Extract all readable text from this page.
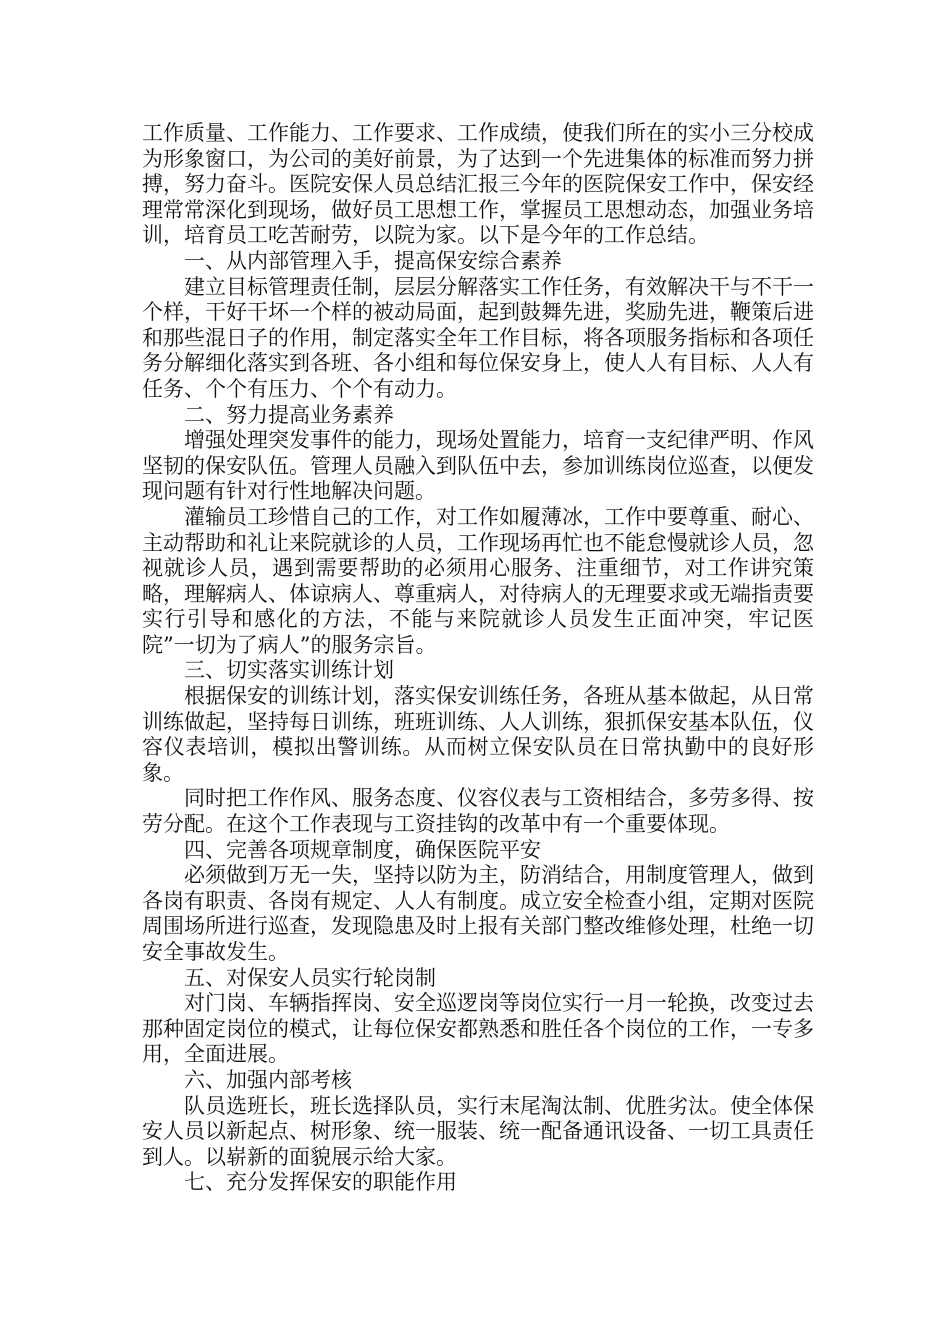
工作质量、工作能力、工作要求、工作成绩，使我们所在的实小三分校成为形象窗口，为公司的美好前景，为了达到一个先进集体的标准而努力拼搏，努力奋斗。医院安保人员总结汇报三今年的医院保安工作中，保安经理常常深化到现场，做好员工思想工作，掌握员工思想动态，加强业务培训，培育员工吃苦耐劳，以院为家。以下是今年的工作总结。

一、从内部管理入手，提高保安综合素养

建立目标管理责任制，层层分解落实工作任务，有效解决干与不干一个样，干好干坏一个样的被动局面，起到鼓舞先进，奖励先进，鞭策后进和那些混日子的作用，制定落实全年工作目标，将各项服务指标和各项任务分解细化落实到各班、各小组和每位保安身上，使人人有目标、人人有任务、个个有压力、个个有动力。

二、努力提高业务素养

增强处理突发事件的能力，现场处置能力，培育一支纪律严明、作风坚韧的保安队伍。管理人员融入到队伍中去，参加训练岗位巡查，以便发现问题有针对行性地解决问题。

灌输员工珍惜自己的工作，对工作如履薄冰，工作中要尊重、耐心、主动帮助和礼让来院就诊的人员，工作现场再忙也不能怠慢就诊人员，忽视就诊人员，遇到需要帮助的必须用心服务、注重细节，对工作讲究策略，理解病人、体谅病人、尊重病人，对待病人的无理要求或无端指责要实行引导和感化的方法，不能与来院就诊人员发生正面冲突，牢记医院”一切为了病人”的服务宗旨。

三、切实落实训练计划

根据保安的训练计划，落实保安训练任务，各班从基本做起，从日常训练做起，坚持每日训练，班班训练、人人训练，狠抓保安基本队伍，仪容仪表培训，模拟出警训练。从而树立保安队员在日常执勤中的良好形象。

同时把工作作风、服务态度、仪容仪表与工资相结合，多劳多得、按劳分配。在这个工作表现与工资挂钩的改革中有一个重要体现。

四、完善各项规章制度，确保医院平安

必须做到万无一失，坚持以防为主，防消结合，用制度管理人，做到各岗有职责、各岗有规定、人人有制度。成立安全检查小组，定期对医院周围场所进行巡查，发现隐患及时上报有关部门整改维修处理，杜绝一切安全事故发生。

五、对保安人员实行轮岗制

对门岗、车辆指挥岗、安全巡逻岗等岗位实行一月一轮换，改变过去那种固定岗位的模式，让每位保安都熟悉和胜任各个岗位的工作，一专多用，全面进展。

六、加强内部考核

队员选班长，班长选择队员，实行末尾淘汰制、优胜劣汰。使全体保安人员以新起点、树形象、统一服装、统一配备通讯设备、一切工具责任到人。以崭新的面貌展示给大家。

七、充分发挥保安的职能作用
